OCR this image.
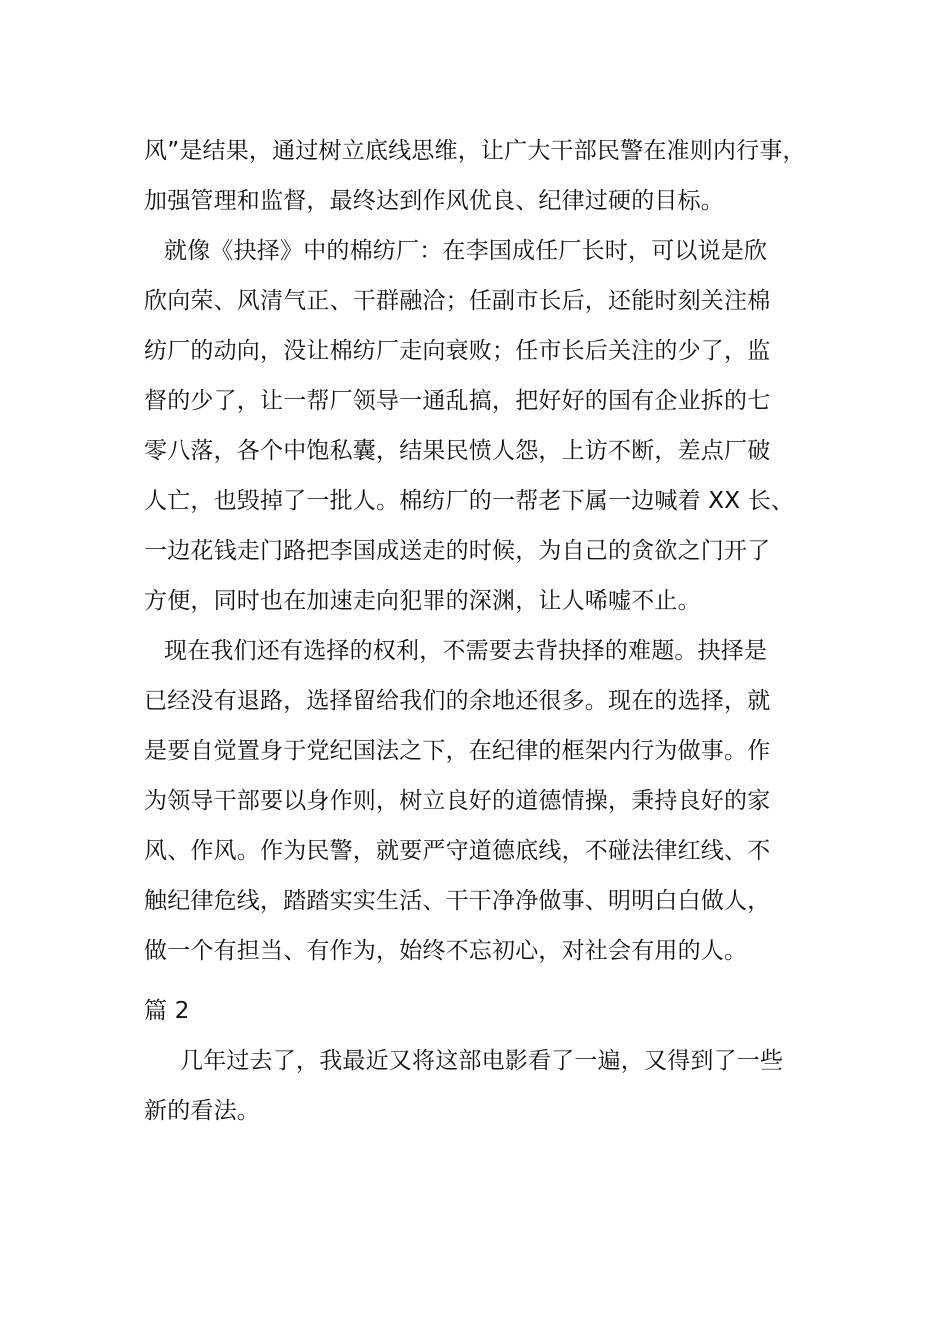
风”是结果，通过树立底线思维，让广大干部民警在准则内行事，
加强管理和监督，最终达到作风优良、纪律过硬的目标。
就像《抉择》中的棉纺厂：在李国成任厂长时，可以说是欣
欣向荣、风清气正、干群融洽；任副市长后，还能时刻关注棉
纺厂的动向，没让棉纺厂走向衰败；任市长后关注的少了，监
督的少了，让一帮厂领导一通乱搞，把好好的国有企业拆的七
零八落，各个中饱私囊，结果民愤人怨，上访不断，差点厂破
人亡，也毁掉了一批人。棉纺厂的一帮老下属一边喊着 XX 长、
一边花钱走门路把李国成送走的时候，为自己的贪欲之门开了
方便，同时也在加速走向犯罪的深渊，让人唏嘘不止。
现在我们还有选择的权利，不需要去背抉择的难题。抉择是
已经没有退路，选择留给我们的余地还很多。现在的选择，就
是要自觉置身于党纪国法之下，在纪律的框架内行为做事。作
为领导干部要以身作则，树立良好的道德情操，秉持良好的家
风、作风。作为民警，就要严守道德底线，不碰法律红线、不
触纪律危线，踏踏实实生活、干干净净做事、明明白白做人，
做一个有担当、有作为，始终不忘初心，对社会有用的人。
篇 2
几年过去了，我最近又将这部电影看了一遍，又得到了一些
新的看法。
